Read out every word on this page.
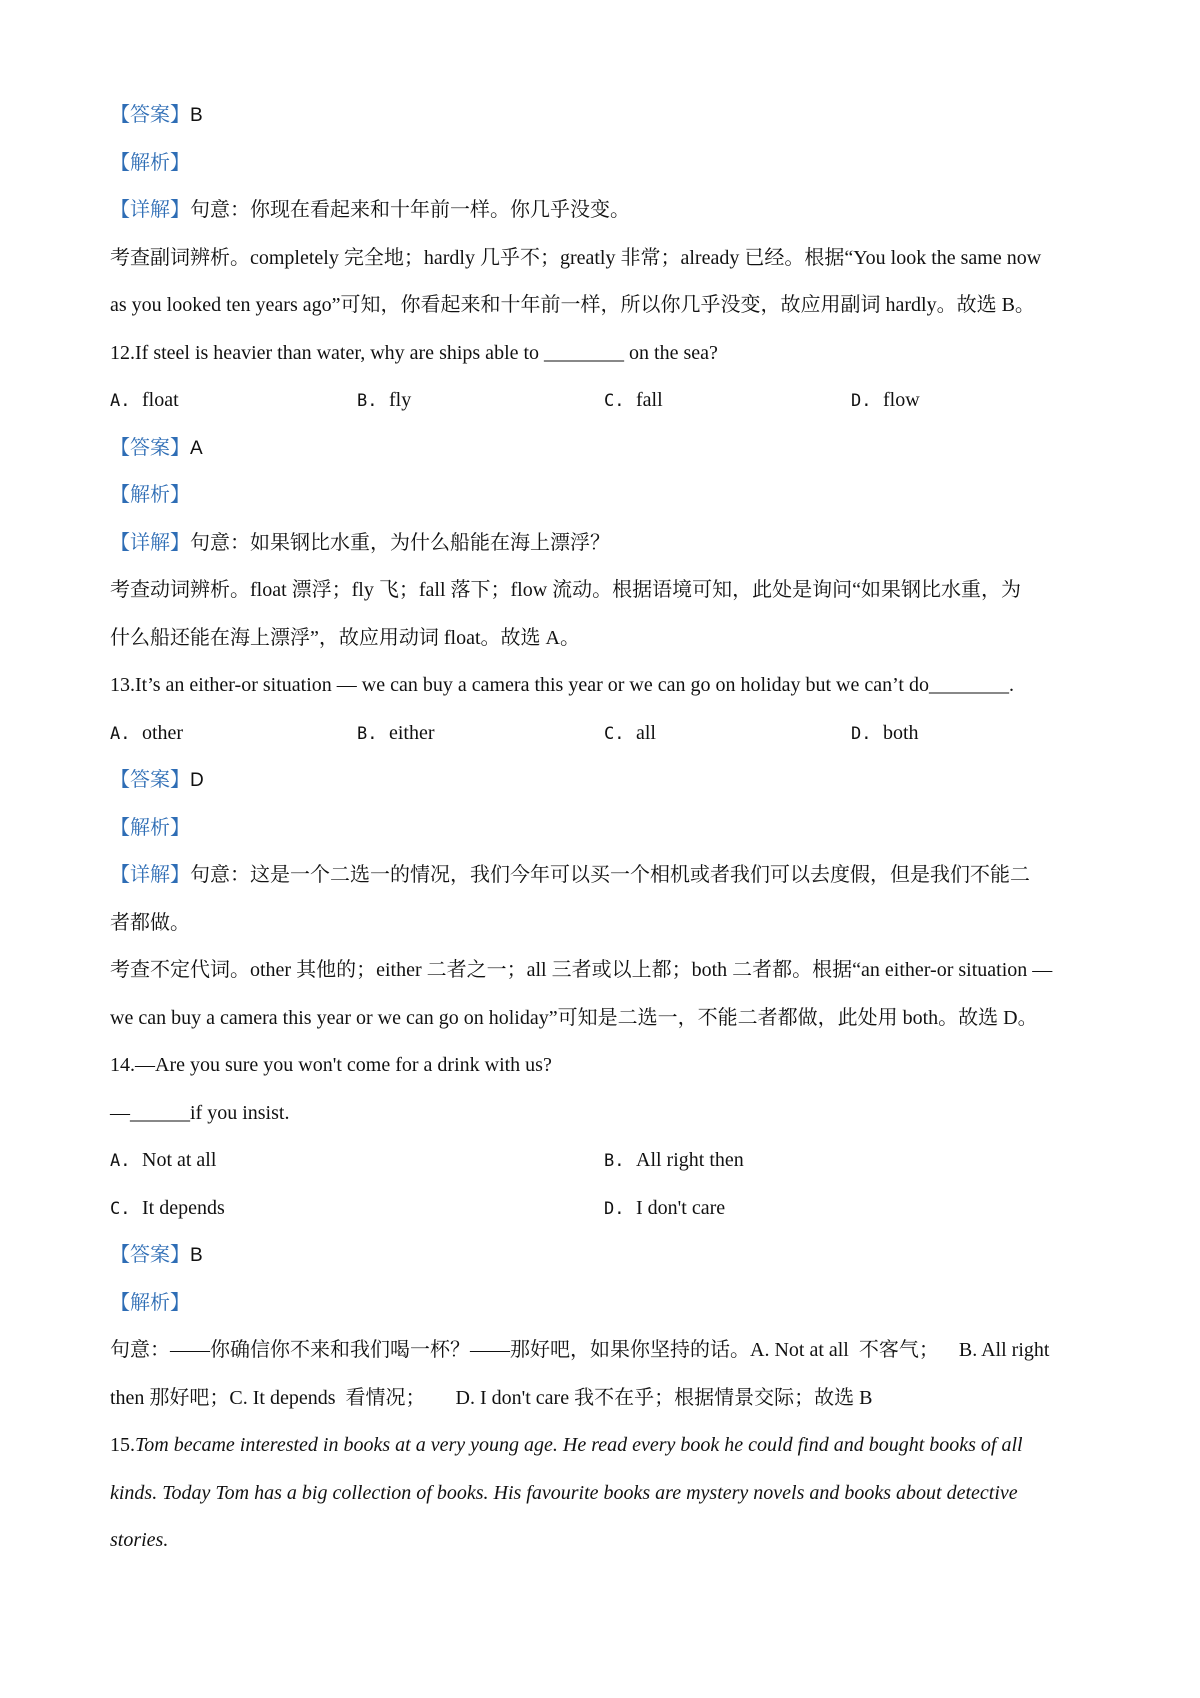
【答案】B
【解析】
【详解】句意：你现在看起来和十年前一样。你几乎没变。
考查副词辨析。completely 完全地；hardly 几乎不；greatly 非常；already 已经。根据“You look the same now
as you looked ten years ago”可知，你看起来和十年前一样，所以你几乎没变，故应用副词 hardly。故选 B。
12.If steel is heavier than water, why are ships able to ________ on the sea?
A. float	B. fly	C. fall	D. flow
【答案】A
【解析】
【详解】句意：如果钢比水重，为什么船能在海上漂浮？
考查动词辨析。float 漂浮；fly 飞；fall 落下；flow 流动。根据语境可知，此处是询问“如果钢比水重，为
什么船还能在海上漂浮”，故应用动词 float。故选 A。
13.It’s an either-or situation — we can buy a camera this year or we can go on holiday but we can’t do________.
A. other	B. either	C. all	D. both
【答案】D
【解析】
【详解】句意：这是一个二选一的情况，我们今年可以买一个相机或者我们可以去度假，但是我们不能二
者都做。
考查不定代词。other 其他的；either 二者之一；all 三者或以上都；both 二者都。根据“an either-or situation —
we can buy a camera this year or we can go on holiday”可知是二选一，不能二者都做，此处用 both。故选 D。
14.—Are you sure you won't come for a drink with us?
—______if you insist.
A. Not at all	B. All right then
C. It depends	D. I don't care
【答案】B
【解析】
句意：——你确信你不来和我们喝一杯？——那好吧，如果你坚持的话。A. Not at all  不客气；    B. All right
then 那好吧；C. It depends  看情况；      D. I don't care 我不在乎；根据情景交际；故选 B
15.Tom became interested in books at a very young age. He read every book he could find and bought books of all
kinds. Today Tom has a big collection of books. His favourite books are mystery novels and books about detective
stories.
